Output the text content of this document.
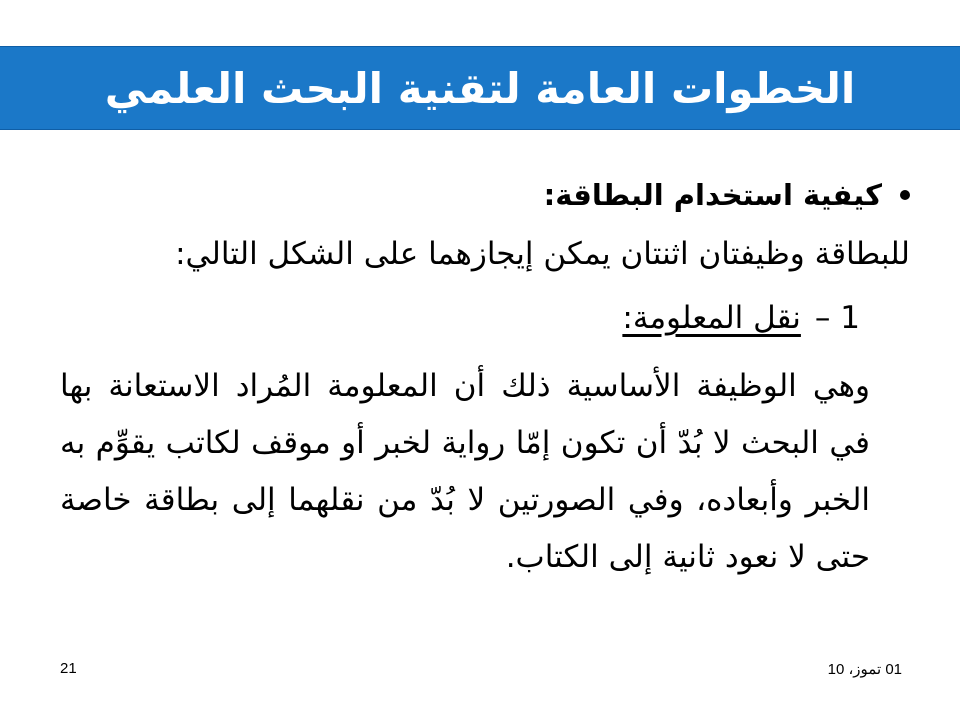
الخطوات العامة لتقنية البحث العلمي
كيفية استخدام البطاقة:
للبطاقة وظيفتان اثنتان يمكن إيجازهما على الشكل التالي:
1 –
نقل المعلومة:
وهي الوظيفة الأساسية ذلك أن المعلومة المُراد الاستعانة بها في البحث لا بُدّ أن تكون إمّا رواية لخبر أو موقف لكاتب يقوِّم به الخبر وأبعاده، وفي الصورتين لا بُدّ من نقلهما إلى بطاقة خاصة حتى لا نعود ثانية إلى الكتاب.
21	01 تموز، 10
